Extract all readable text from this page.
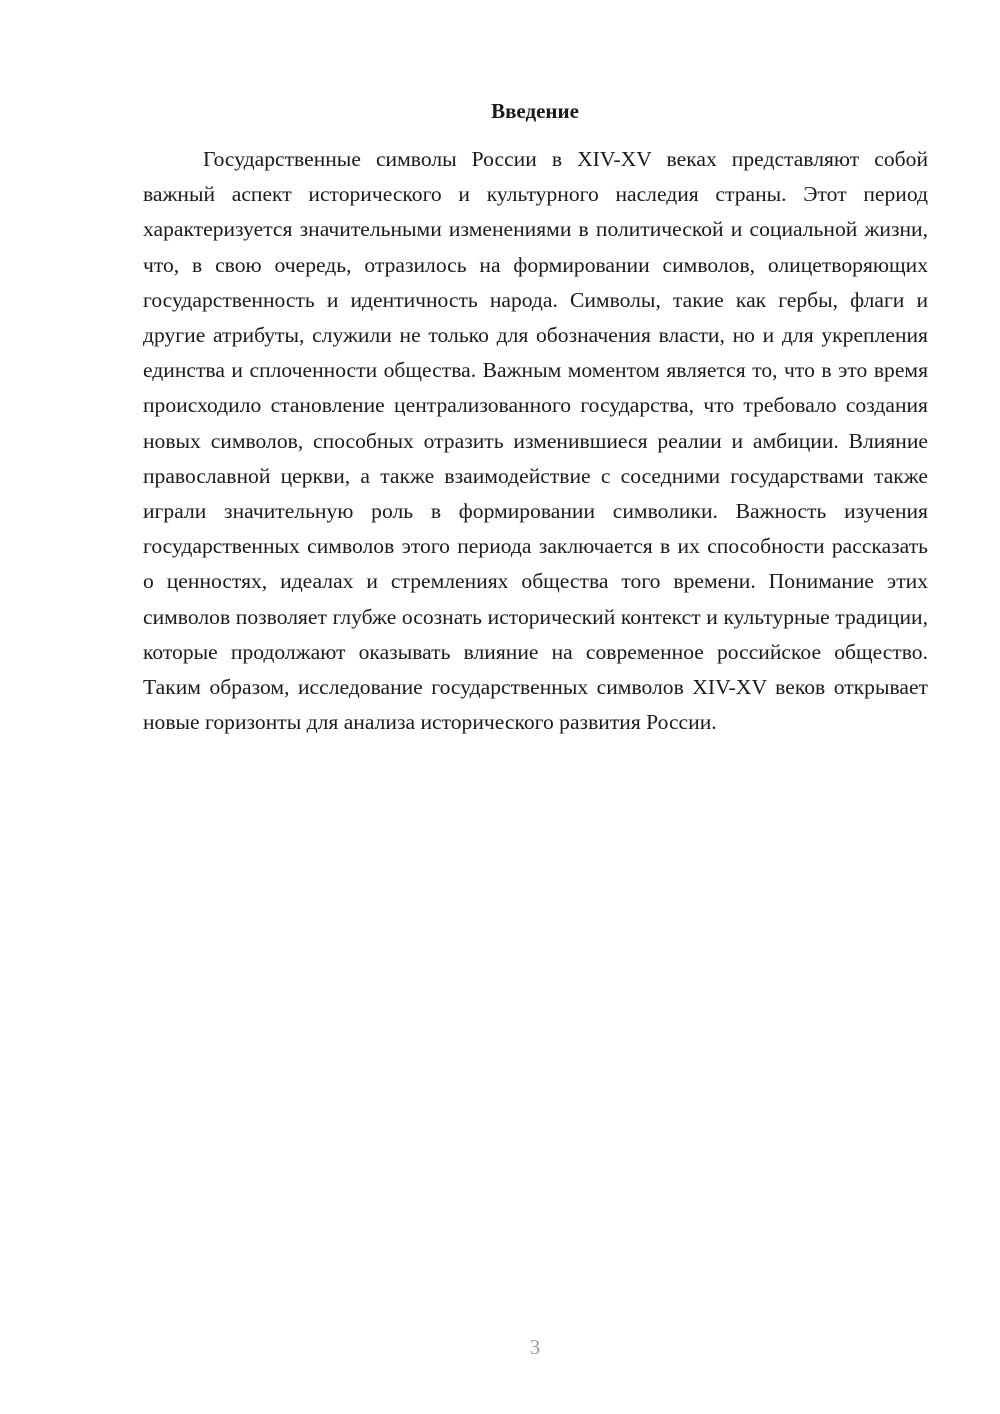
Введение

Государственные символы России в XIV-XV веках представляют собой важный аспект исторического и культурного наследия страны. Этот период характеризуется значительными изменениями в политической и социальной жизни, что, в свою очередь, отразилось на формировании символов, олицетворяющих государственность и идентичность народа. Символы, такие как гербы, флаги и другие атрибуты, служили не только для обозначения власти, но и для укрепления единства и сплоченности общества. Важным моментом является то, что в это время происходило становление централизованного государства, что требовало создания новых символов, способных отразить изменившиеся реалии и амбиции. Влияние православной церкви, а также взаимодействие с соседними государствами также играли значительную роль в формировании символики. Важность изучения государственных символов этого периода заключается в их способности рассказать о ценностях, идеалах и стремлениях общества того времени. Понимание этих символов позволяет глубже осознать исторический контекст и культурные традиции, которые продолжают оказывать влияние на современное российское общество. Таким образом, исследование государственных символов XIV-XV веков открывает новые горизонты для анализа исторического развития России.

3
